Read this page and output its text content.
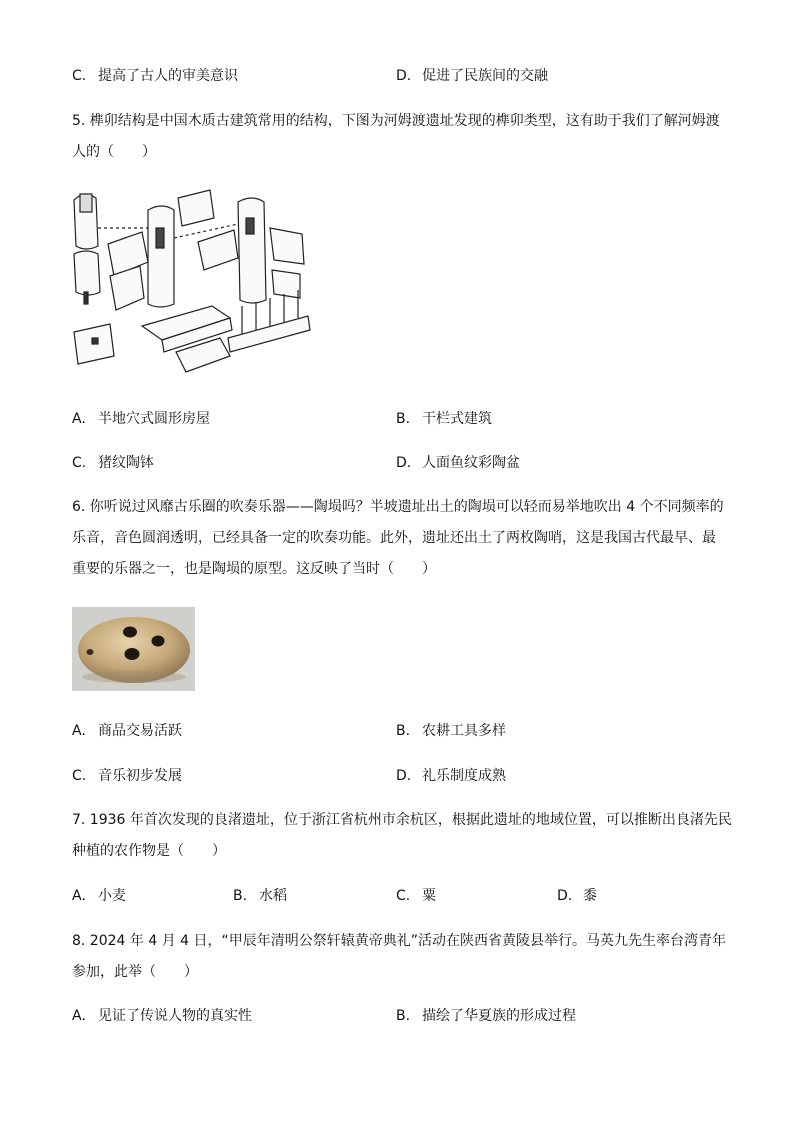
C. 提高了古人的审美意识	D. 促进了民族间的交融
5. 榫卯结构是中国木质古建筑常用的结构，下图为河姆渡遗址发现的榫卯类型，这有助于我们了解河姆渡
人的（　　）
A. 半地穴式圆形房屋	B. 干栏式建筑
C. 猪纹陶钵	D. 人面鱼纹彩陶盆
6. 你听说过风靡古乐圈的吹奏乐器——陶埙吗？半坡遗址出土的陶埙可以轻而易举地吹出 4 个不同频率的
乐音，音色圆润透明，已经具备一定的吹奏功能。此外，遗址还出土了两枚陶哨，这是我国古代最早、最
重要的乐器之一，也是陶埙的原型。这反映了当时（　　）
A. 商品交易活跃	B. 农耕工具多样
C. 音乐初步发展	D. 礼乐制度成熟
7. 1936 年首次发现的良渚遗址，位于浙江省杭州市余杭区，根据此遗址的地域位置，可以推断出良渚先民
种植的农作物是（　　）
A. 小麦	B. 水稻	C. 粟	D. 黍
8. 2024 年 4 月 4 日，“甲辰年清明公祭轩辕黄帝典礼”活动在陕西省黄陵县举行。马英九先生率台湾青年
参加，此举（　　）
A. 见证了传说人物的真实性	B. 描绘了华夏族的形成过程
